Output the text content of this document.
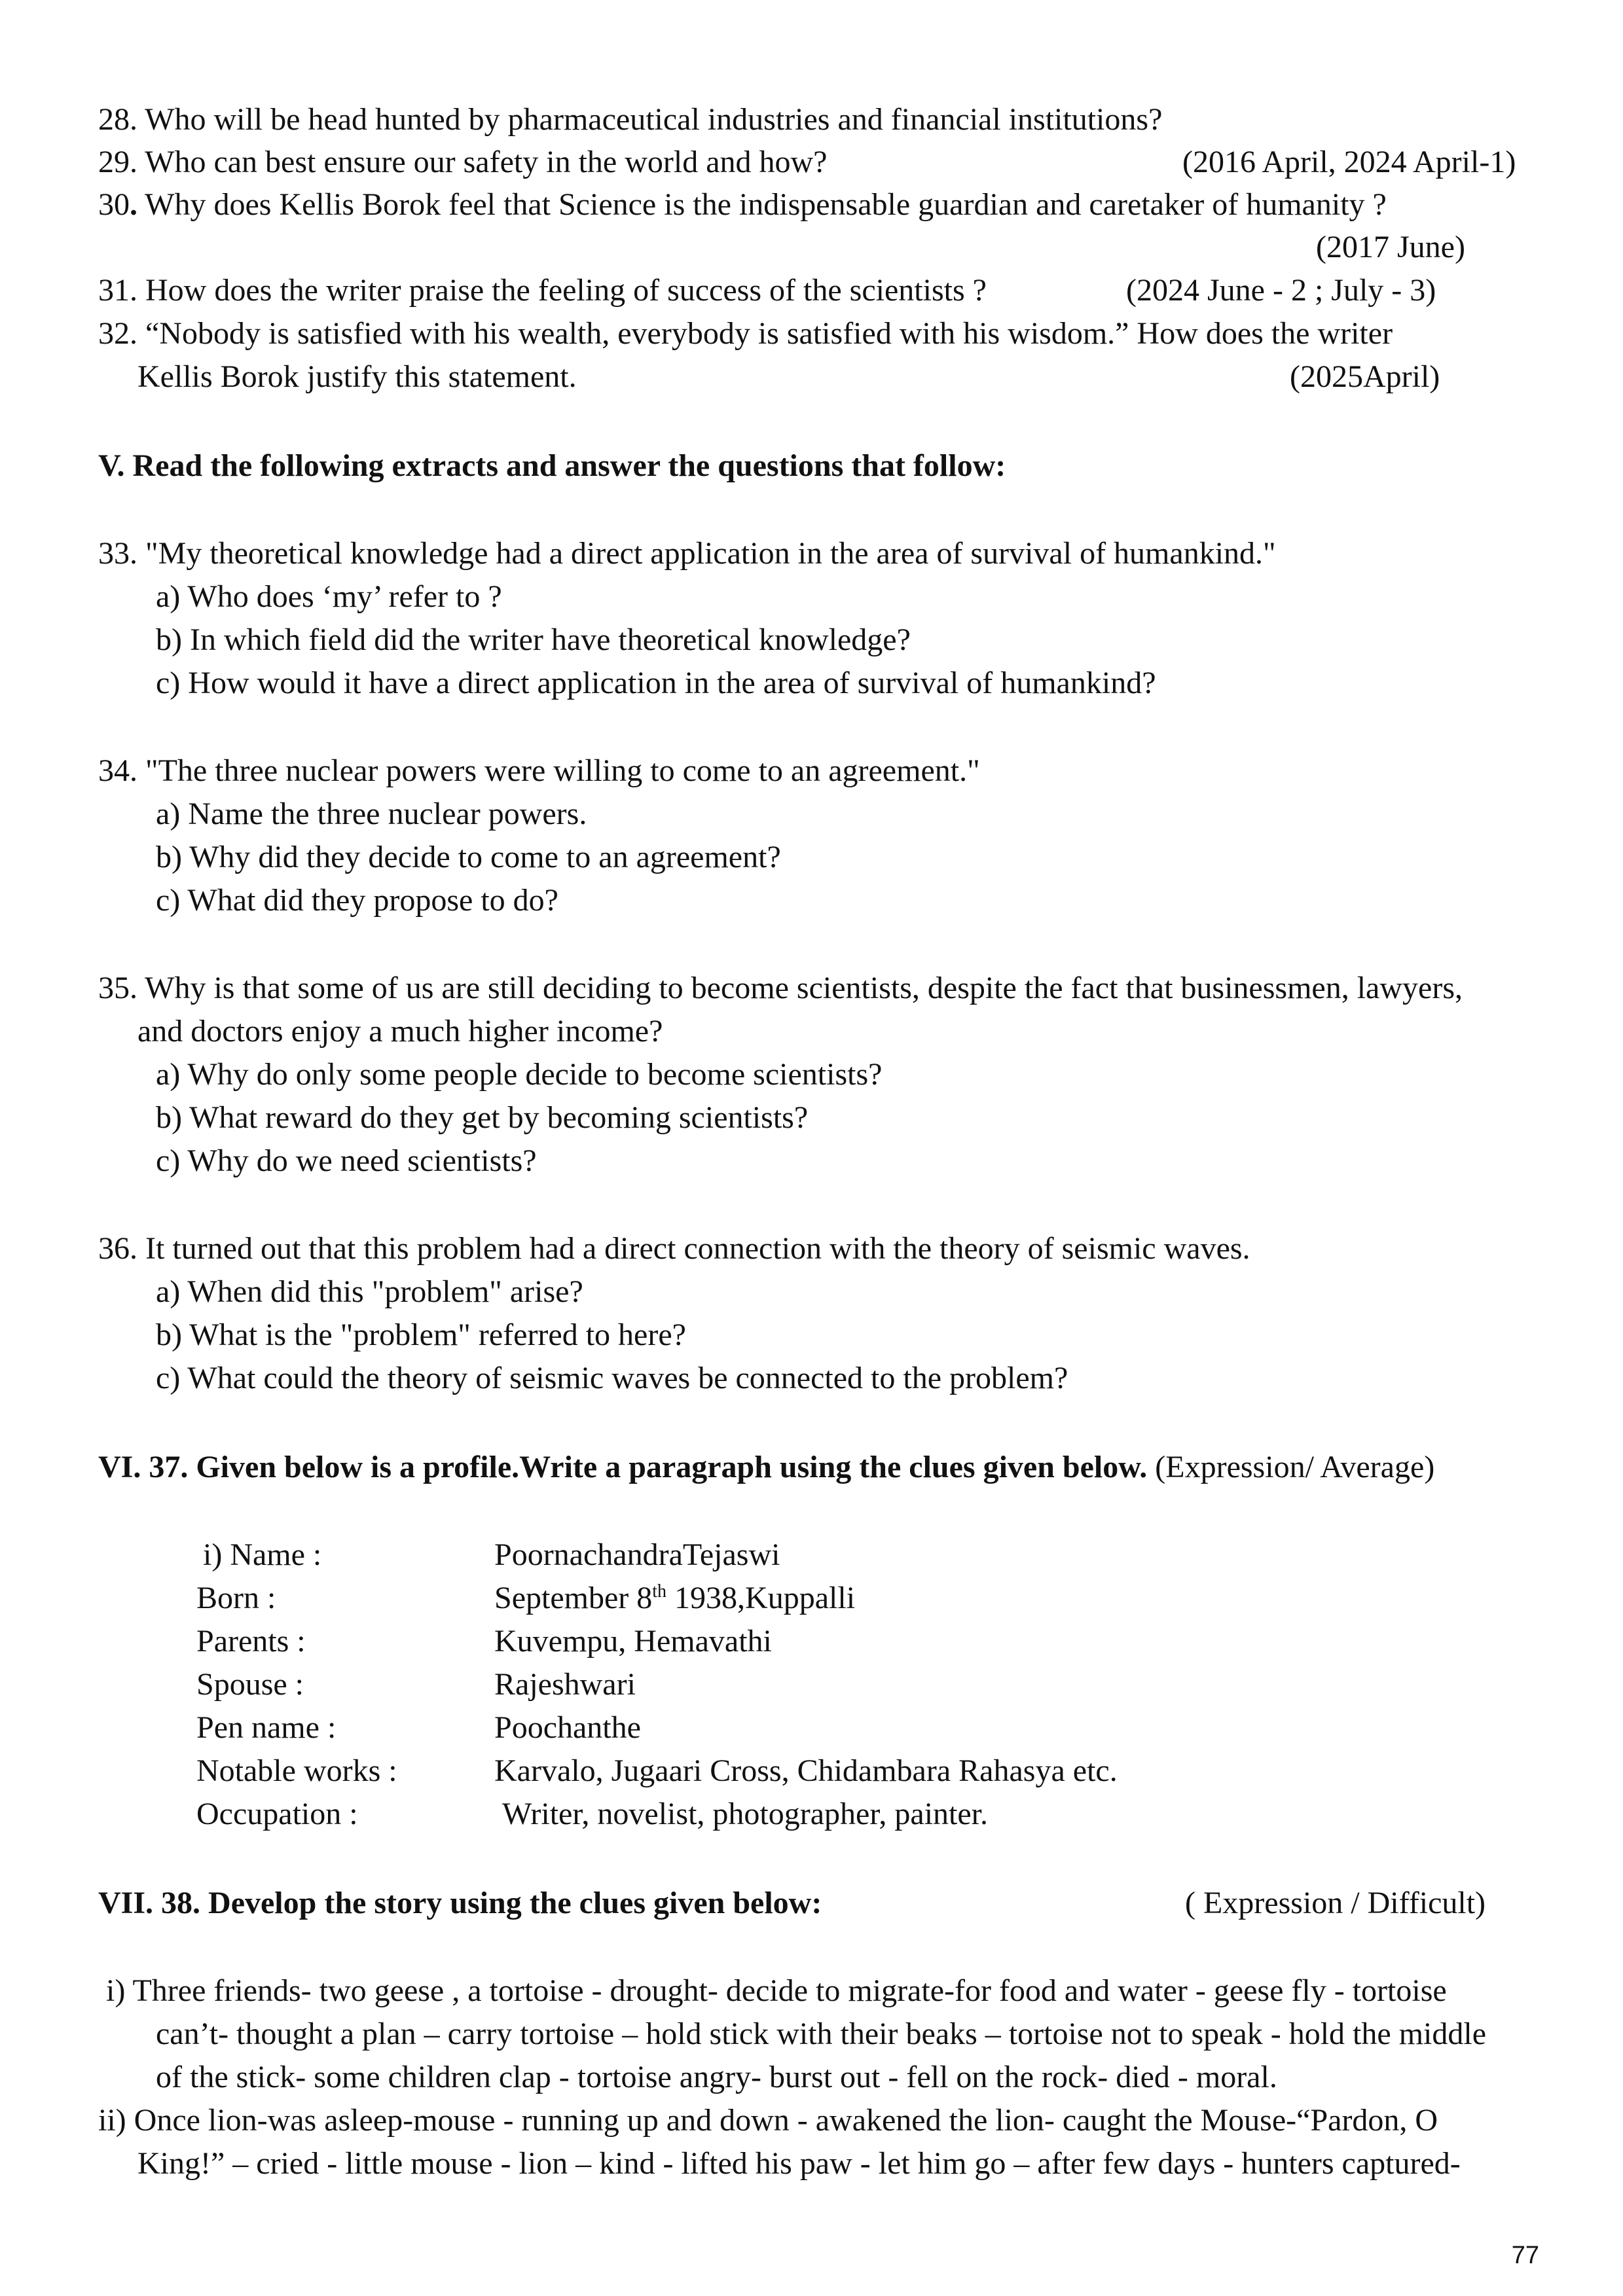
28. Who will be head hunted by pharmaceutical industries and financial institutions?
29. Who can best ensure our safety in the world and how?	(2016 April, 2024 April-1)
30. Why does Kellis Borok feel that Science is the indispensable guardian and caretaker of humanity ?
(2017 June)
31. How does the writer praise the feeling of success of the scientists ?	(2024 June - 2 ; July - 3)
32. “Nobody is satisfied with his wealth, everybody is satisfied with his wisdom.” How does the writer
Kellis Borok justify this statement.	(2025April)
V. Read the following extracts and answer the questions that follow:
33. "My theoretical knowledge had a direct application in the area of survival of humankind."
a) Who does ‘my’ refer to ?
b) In which field did the writer have theoretical knowledge?
c) How would it have a direct application in the area of survival of humankind?
34. "The three nuclear powers were willing to come to an agreement."
a) Name the three nuclear powers.
b) Why did they decide to come to an agreement?
c) What did they propose to do?
35. Why is that some of us are still deciding to become scientists, despite the fact that businessmen, lawyers,
and doctors enjoy a much higher income?
a) Why do only some people decide to become scientists?
b) What reward do they get by becoming scientists?
c) Why do we need scientists?
36. It turned out that this problem had a direct connection with the theory of seismic waves.
a) When did this "problem" arise?
b) What is the "problem" referred to here?
c) What could the theory of seismic waves be connected to the problem?
VI. 37. Given below is a profile.Write a paragraph using the clues given below. (Expression/ Average)
i) Name :	PoornachandraTejaswi
Born :	September 8th 1938,Kuppalli
Parents :	Kuvempu, Hemavathi
Spouse :	Rajeshwari
Pen name :	Poochanthe
Notable works :	Karvalo, Jugaari Cross, Chidambara Rahasya etc.
Occupation :	Writer, novelist, photographer, painter.
VII. 38. Develop the story using the clues given below:	( Expression / Difficult)
i) Three friends- two geese , a tortoise - drought- decide to migrate-for food and water - geese fly - tortoise
can’t- thought a plan – carry tortoise – hold stick with their beaks – tortoise not to speak - hold the middle
of the stick- some children clap - tortoise angry- burst out - fell on the rock- died - moral.
ii) Once lion-was asleep-mouse - running up and down - awakened the lion- caught the Mouse-“Pardon, O
King!” – cried - little mouse - lion – kind - lifted his paw - let him go – after few days - hunters captured-
77
